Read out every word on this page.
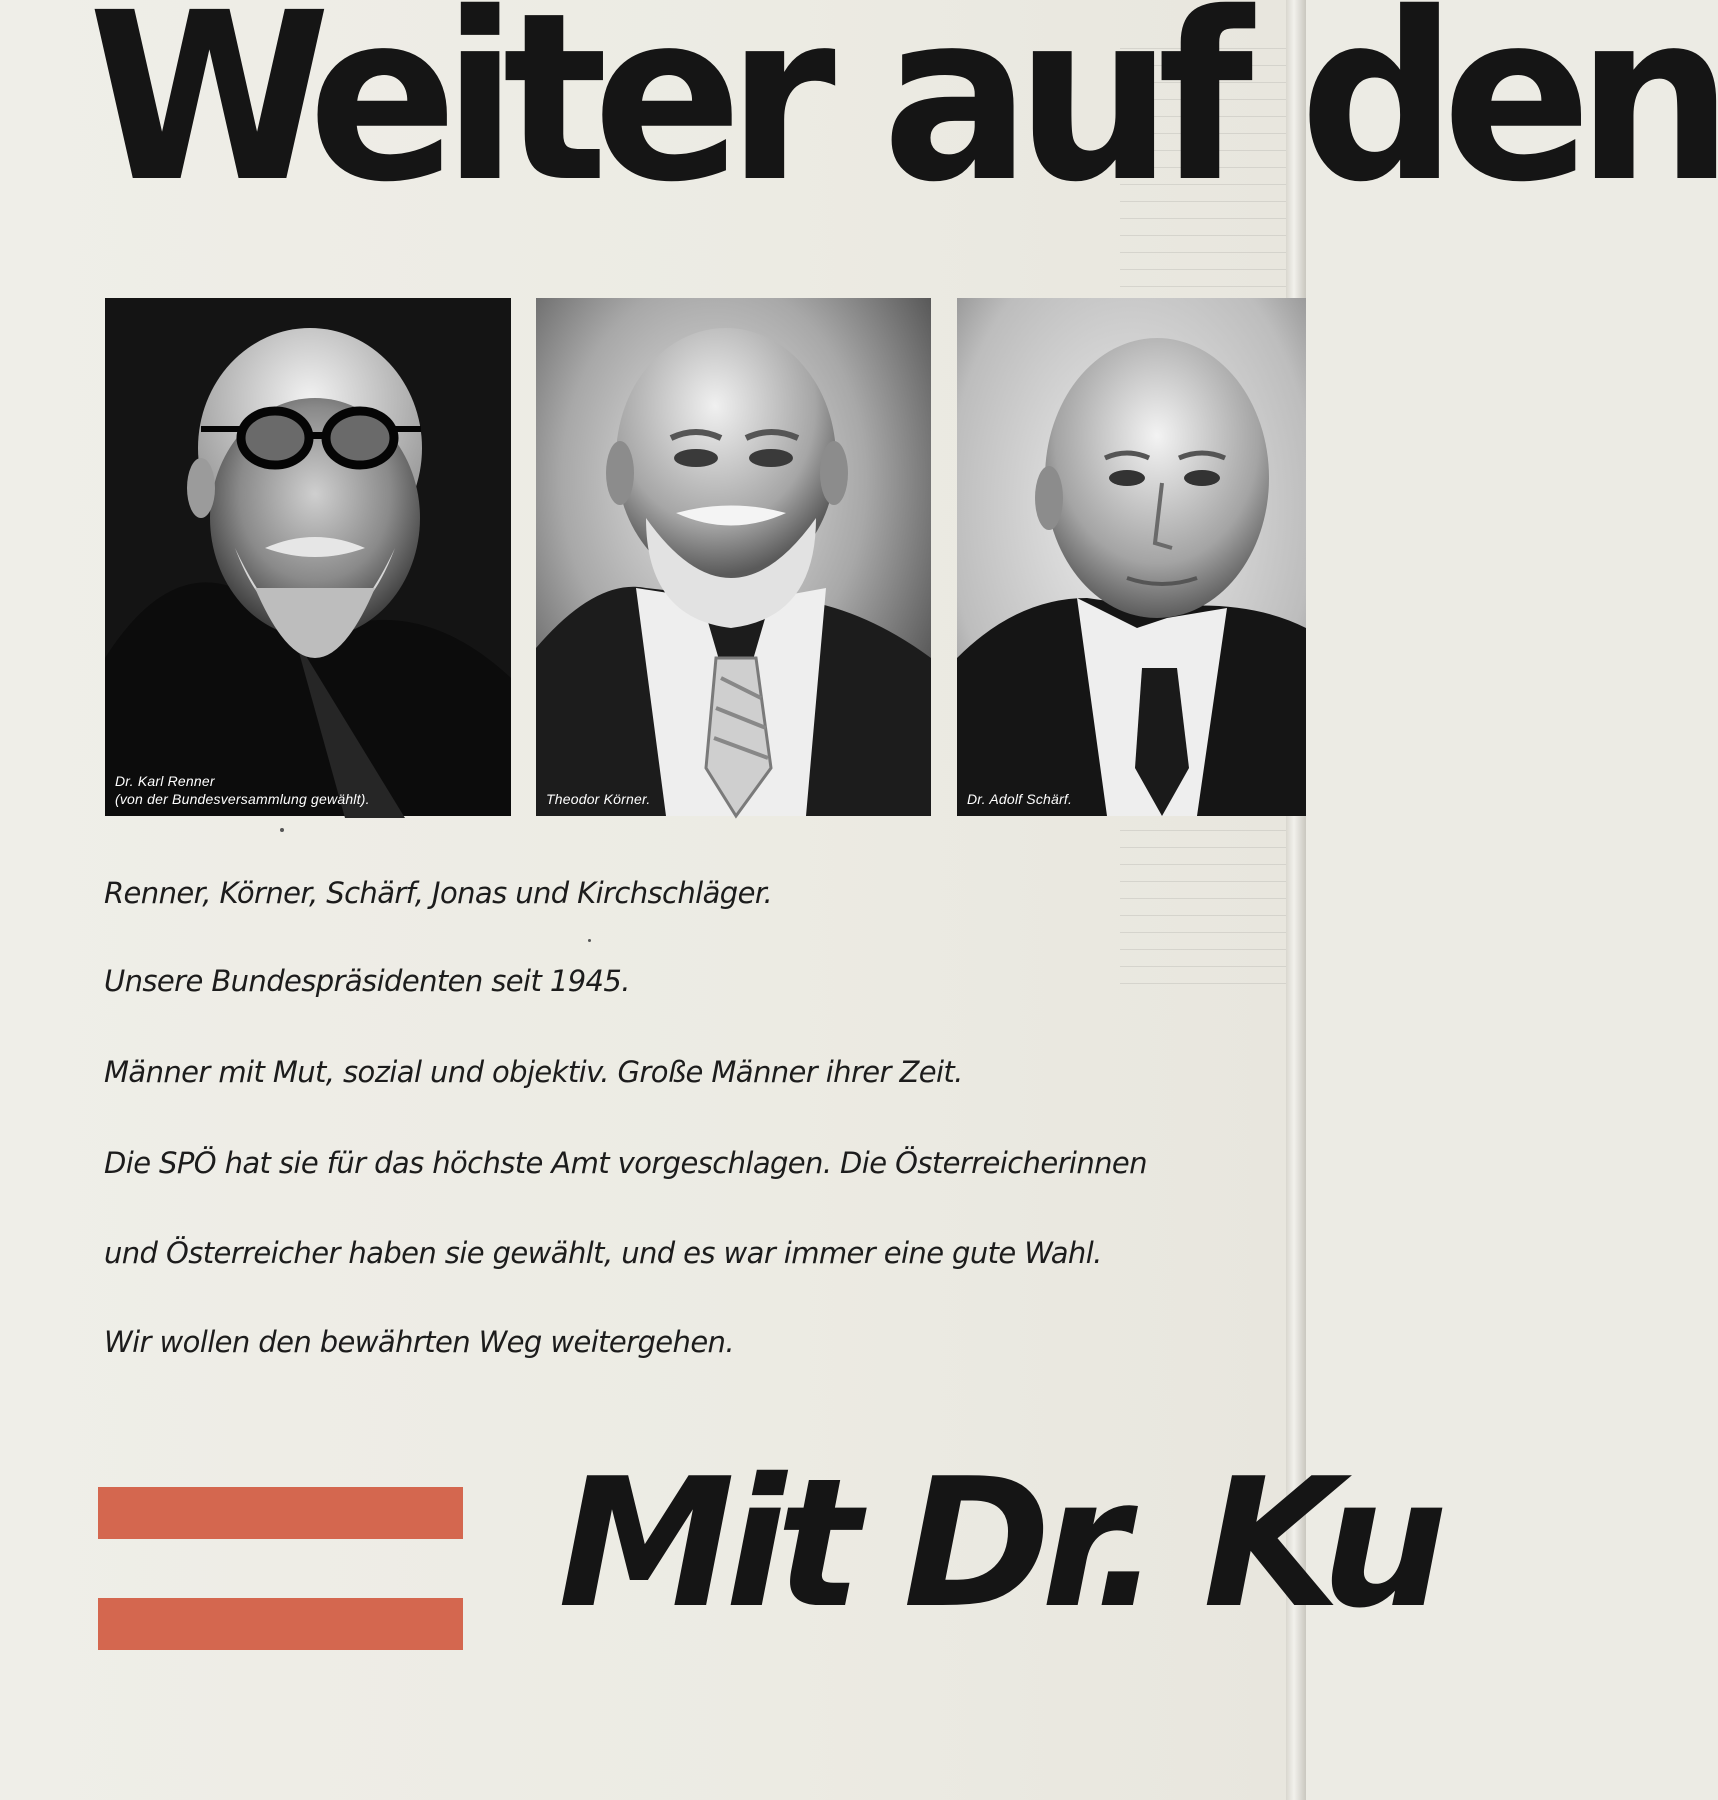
Weiter auf den
Dr. Karl Renner
(von der Bundesversammlung gewählt).	Theodor Körner.	Dr. Adolf Schärf.
Renner, Körner, Schärf, Jonas und Kirchschläger.
Unsere Bundespräsidenten seit 1945.
Männer mit Mut, sozial und objektiv. Große Männer ihrer Zeit.
Die SPÖ hat sie für das höchste Amt vorgeschlagen. Die Österreicherinnen
und Österreicher haben sie gewählt, und es war immer eine gute Wahl.
Wir wollen den bewährten Weg weitergehen.
Mit Dr. Ku
